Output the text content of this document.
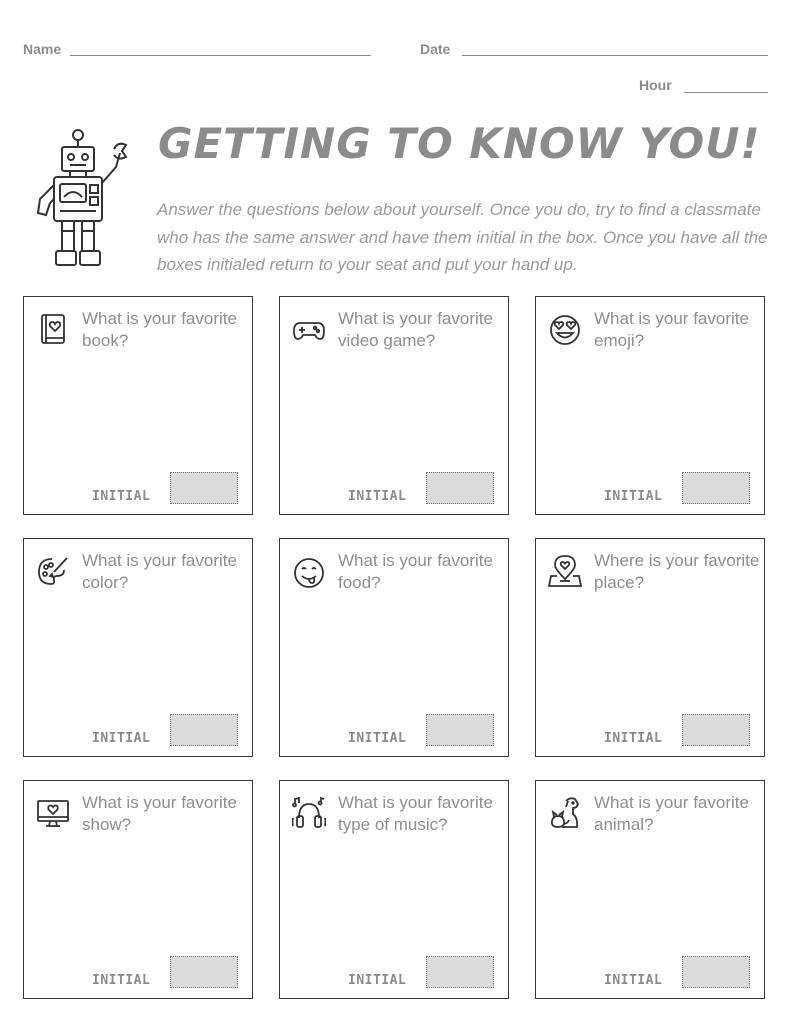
Name	Date
Hour
GETTING TO KNOW YOU!
Answer the questions below about yourself. Once you do, try to find a classmate who has the same answer and have them initial in the box. Once you have all the boxes initialed return to your seat and put your hand up.
What is your favorite book?
INITIAL
What is your favorite video game?
INITIAL
What is your favorite emoji?
INITIAL
What is your favorite color?
INITIAL
What is your favorite food?
INITIAL
Where is your favorite place?
INITIAL
What is your favorite show?
INITIAL
What is your favorite type of music?
INITIAL
What is your favorite animal?
INITIAL
